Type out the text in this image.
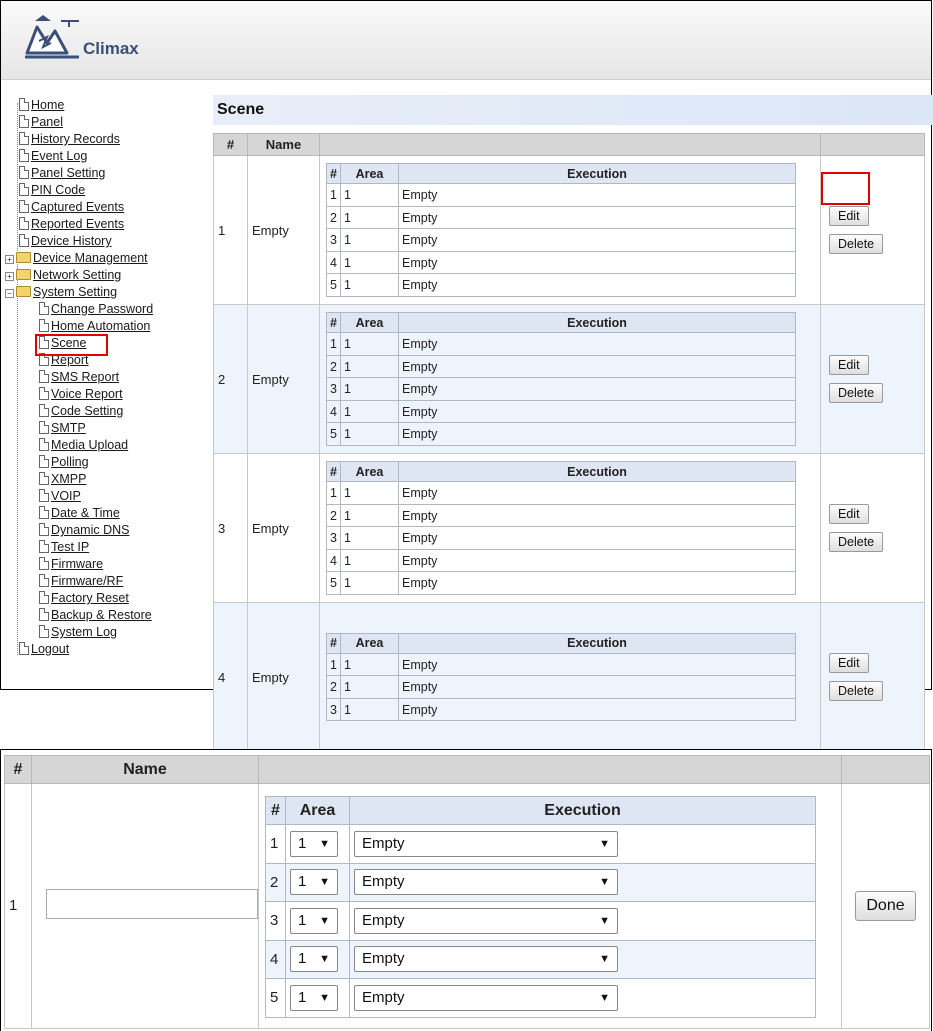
Climax
Home
Panel
History Records
Event Log
Panel Setting
PIN Code
Captured Events
Reported Events
Device History
+ Device Management
+ Network Setting
− System Setting
Change Password
Home Automation
Scene
Report
SMS Report
Voice Report
Code Setting
SMTP
Media Upload
Polling
XMPP
VOIP
Date & Time
Dynamic DNS
Test IP
Firmware
Firmware/RF
Factory Reset
Backup & Restore
System Log
Logout
Scene
#	Name		
1	Empty	
#	Area	Execution
1	1	Empty
2	1	Empty
3	1	Empty
4	1	Empty
5	1	Empty

Edit
Delete

2	Empty	
#	Area	Execution
1	1	Empty
2	1	Empty
3	1	Empty
4	1	Empty
5	1	Empty

Edit
Delete

3	Empty	
#	Area	Execution
1	1	Empty
2	1	Empty
3	1	Empty
4	1	Empty
5	1	Empty

Edit
Delete

4	Empty	
#	Area	Execution
1	1	Empty
2	1	Empty
3	1	Empty

Edit
Delete
#	Name		
1		
#	Area	Execution
1	1 ▼	Empty	▼

2	1 ▼	Empty	▼

3	1 ▼	Empty	▼

4	1 ▼	Empty	▼

5	1 ▼	Empty	▼
	Done
